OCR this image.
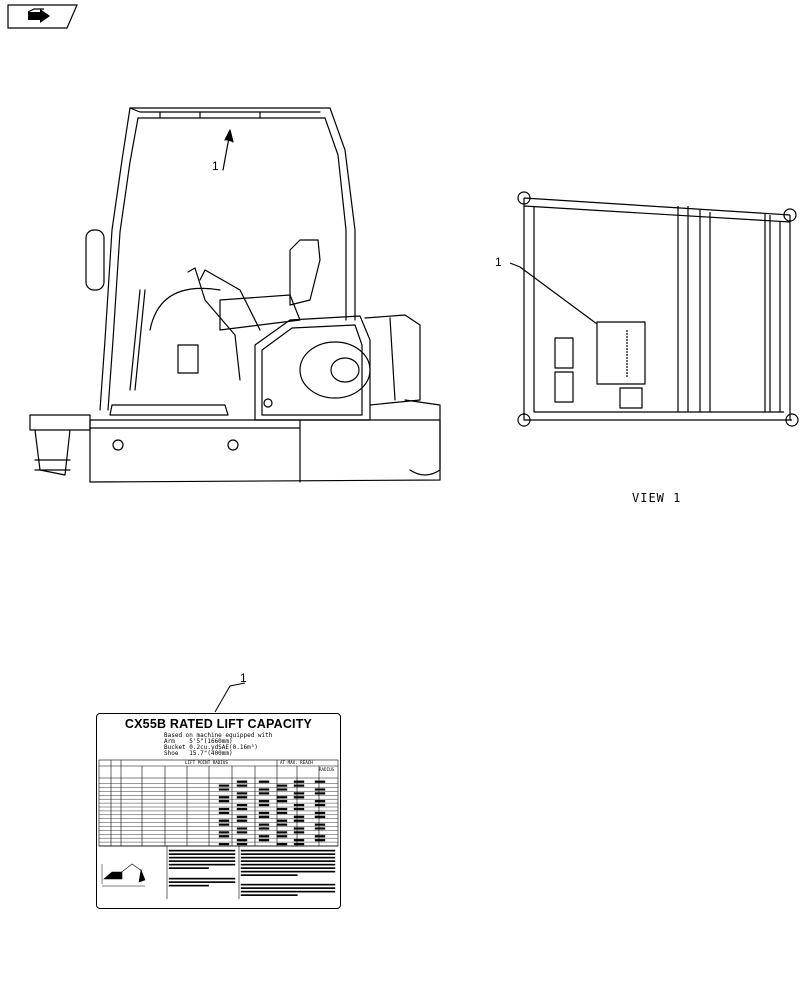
1
1
VIEW 1
1
CX55B RATED LIFT CAPACITY
Based on machine equipped with
Arm    5'5"(1660mm)
Bucket 0.2cu.ydSAE(0.16m³)
Shoe   15.7"(400mm)
LIFT POINT RADIUS	AT MAX. REACH
RADIUS
